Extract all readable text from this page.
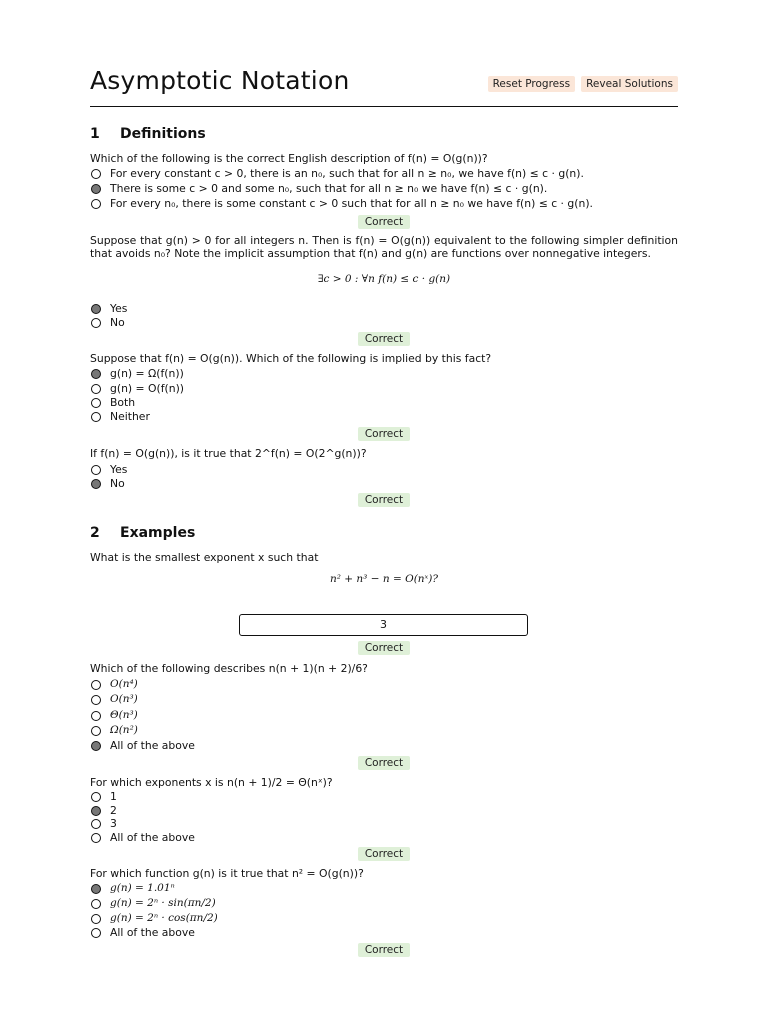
Asymptotic Notation	Reset Progress	Reveal Solutions
1 Definitions
Which of the following is the correct English description of f(n) = O(g(n))?
For every constant c > 0, there is an n₀, such that for all n ≥ n₀, we have f(n) ≤ c · g(n).
There is some c > 0 and some n₀, such that for all n ≥ n₀ we have f(n) ≤ c · g(n).
For every n₀, there is some constant c > 0 such that for all n ≥ n₀ we have f(n) ≤ c · g(n).
Correct
Suppose that g(n) > 0 for all integers n. Then is f(n) = O(g(n)) equivalent to the following simpler definition that avoids n₀? Note the implicit assumption that f(n) and g(n) are functions over nonnegative integers.
∃c > 0 : ∀n f(n) ≤ c · g(n)
Yes
No
Correct
Suppose that f(n) = O(g(n)). Which of the following is implied by this fact?
g(n) = Ω(f(n))
g(n) = O(f(n))
Both
Neither
Correct
If f(n) = O(g(n)), is it true that 2^f(n) = O(2^g(n))?
Yes
No
Correct
2 Examples
What is the smallest exponent x such that
n² + n³ − n = O(nˣ)?
3
Correct
Which of the following describes n(n + 1)(n + 2)/6?
O(n⁴)
O(n³)
Θ(n³)
Ω(n²)
All of the above
Correct
For which exponents x is n(n + 1)/2 = Θ(nˣ)?
1
2
3
All of the above
Correct
For which function g(n) is it true that n² = O(g(n))?
g(n) = 1.01ⁿ
g(n) = 2ⁿ · sin(πn/2)
g(n) = 2ⁿ · cos(πn/2)
All of the above
Correct
